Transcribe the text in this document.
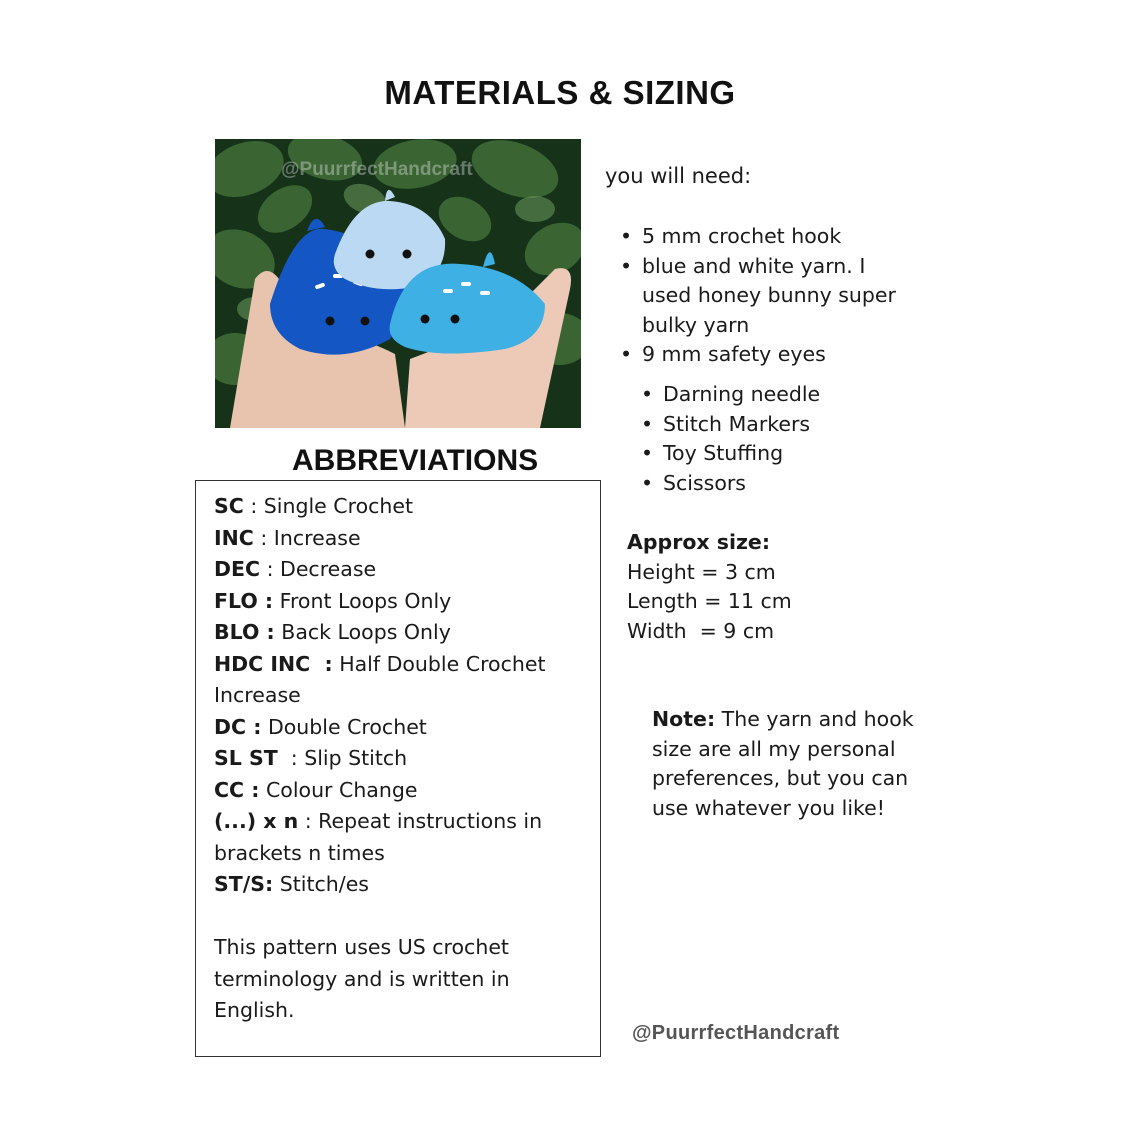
MATERIALS & SIZING
@PuurrfectHandcraft	you will need:

• 5 mm crochet hook
• blue and white yarn. I used honey bunny super bulky yarn
• 9 mm safety eyes
• Darning needle
• Stitch Markers
• Toy Stuffing
• Scissors
Approx size:
Height = 3 cm
Length = 11 cm
Width  = 9 cm
Note: The yarn and hook size are all my personal preferences, but you can use whatever you like!
@PuurrfectHandcraft
ABBREVIATIONS
SC : Single Crochet
INC : Increase
DEC : Decrease
FLO : Front Loops Only
BLO : Back Loops Only
HDC INC  : Half Double Crochet Increase
DC : Double Crochet
SL ST  : Slip Stitch
CC : Colour Change
(...) x n : Repeat instructions in brackets n times
ST/S: Stitch/es
This pattern uses US crochet terminology and is written in English.
